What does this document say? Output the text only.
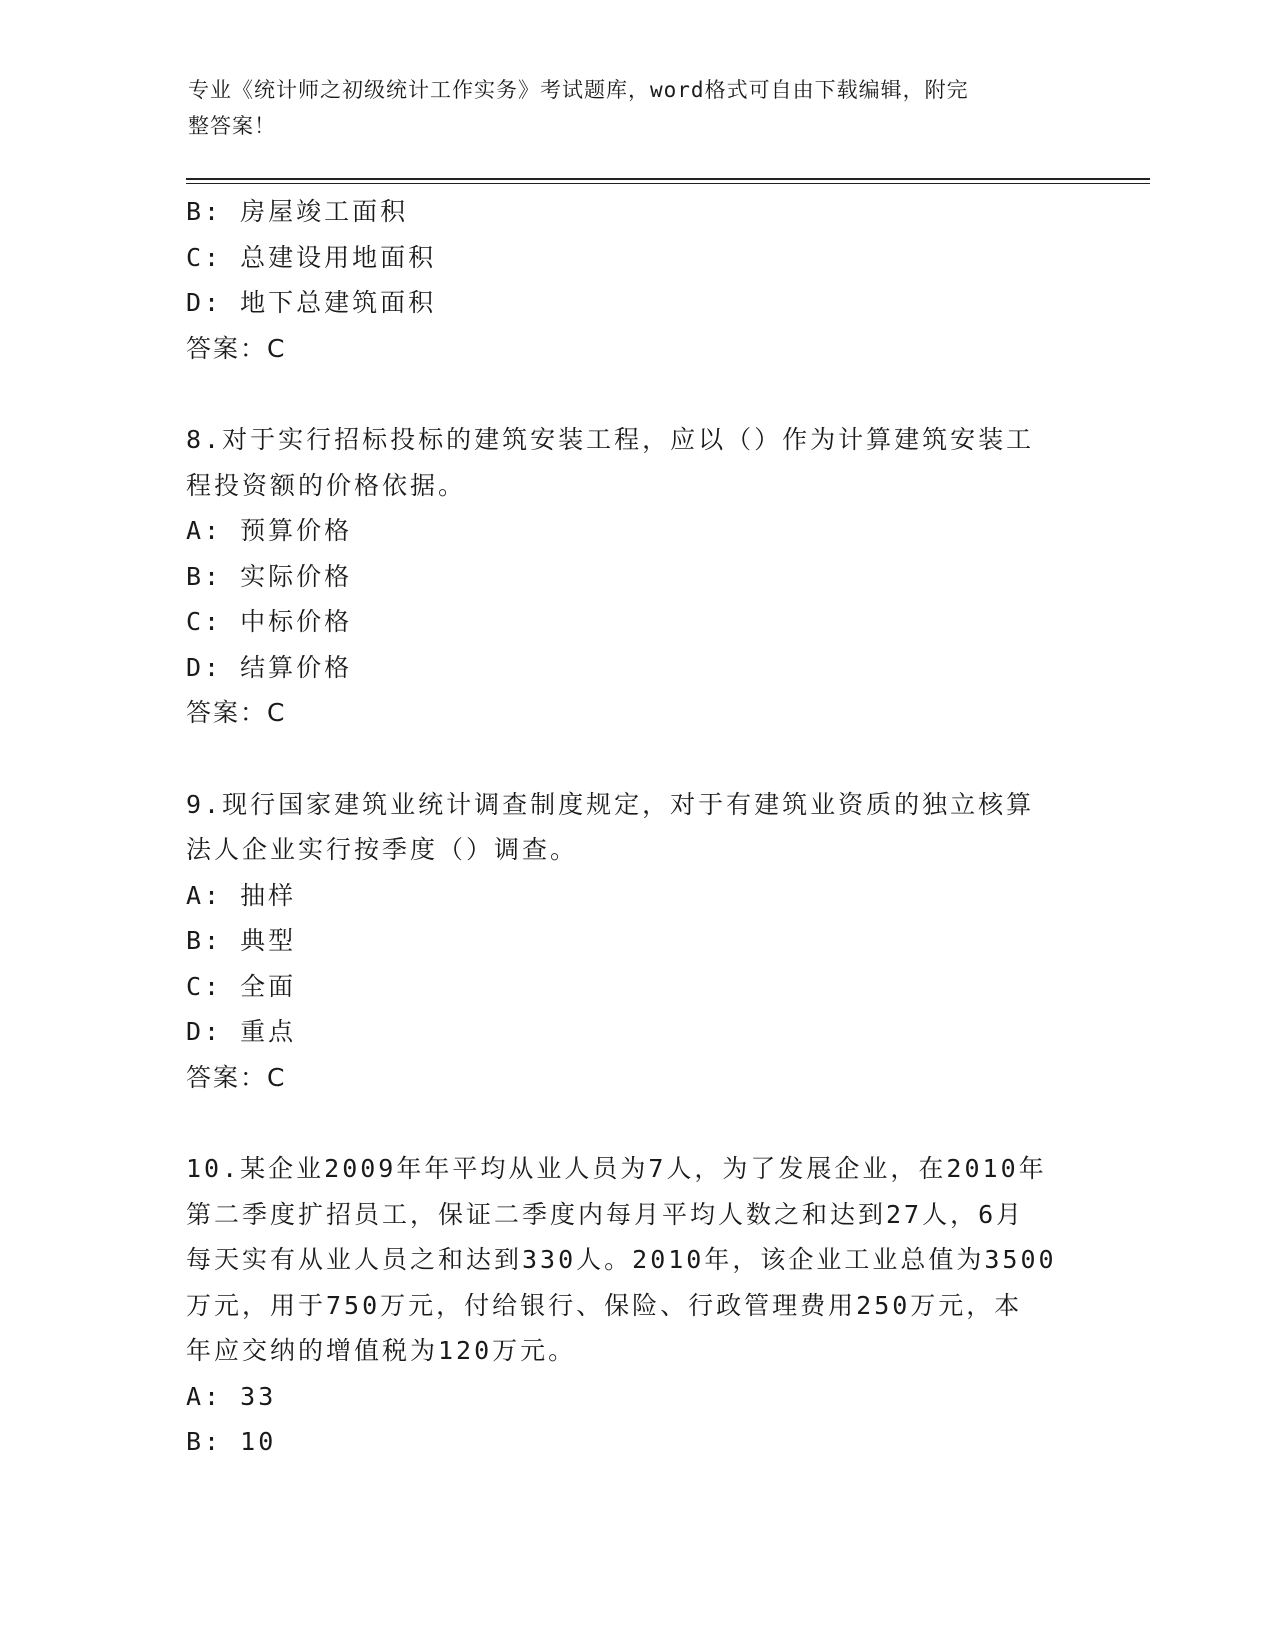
专业《统计师之初级统计工作实务》考试题库，word格式可自由下载编辑，附完
整答案！
B: 房屋竣工面积
C: 总建设用地面积
D: 地下总建筑面积
答案：C
8.对于实行招标投标的建筑安装工程，应以（）作为计算建筑安装工
程投资额的价格依据。
A: 预算价格
B: 实际价格
C: 中标价格
D: 结算价格
答案：C
9.现行国家建筑业统计调查制度规定，对于有建筑业资质的独立核算
法人企业实行按季度（）调查。
A: 抽样
B: 典型
C: 全面
D: 重点
答案：C
10.某企业2009年年平均从业人员为7人，为了发展企业，在2010年
第二季度扩招员工，保证二季度内每月平均人数之和达到27人，6月
每天实有从业人员之和达到330人。2010年，该企业工业总值为3500
万元，用于750万元，付给银行、保险、行政管理费用250万元，本
年应交纳的增值税为120万元。
A: 33
B: 10
